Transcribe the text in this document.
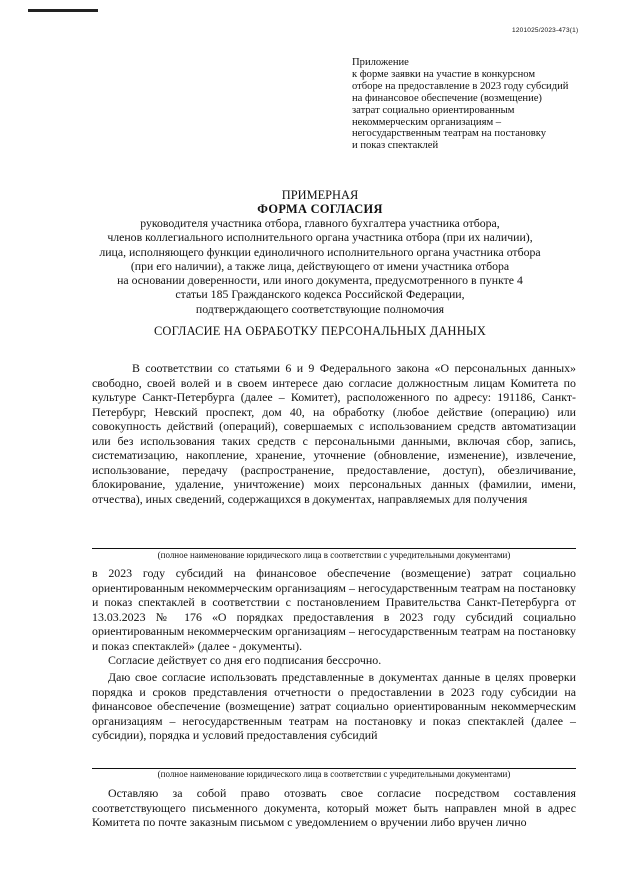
1201025/2023-473(1)
Приложение
к форме заявки на участие в конкурсном
отборе на предоставление в 2023 году субсидий
на финансовое обеспечение (возмещение)
затрат социально ориентированным
некоммерческим организациям –
негосударственным театрам на постановку
и показ спектаклей
ПРИМЕРНАЯ
ФОРМА СОГЛАСИЯ
руководителя участника отбора, главного бухгалтера участника отбора,
членов коллегиального исполнительного органа участника отбора (при их наличии),
лица, исполняющего функции единоличного исполнительного органа участника отбора
(при его наличии), а также лица, действующего от имени участника отбора
на основании доверенности, или иного документа, предусмотренного в пункте 4
статьи 185 Гражданского кодекса Российской Федерации,
подтверждающего соответствующие полномочия
СОГЛАСИЕ НА ОБРАБОТКУ ПЕРСОНАЛЬНЫХ ДАННЫХ
В соответствии со статьями 6 и 9 Федерального закона «О персональных данных» свободно, своей волей и в своем интересе даю согласие должностным лицам Комитета по культуре Санкт-Петербурга (далее – Комитет), расположенного по адресу: 191186, Санкт-Петербург, Невский проспект, дом 40, на обработку (любое действие (операцию) или совокупность действий (операций), совершаемых с использованием средств автоматизации или без использования таких средств с персональными данными, включая сбор, запись, систематизацию, накопление, хранение, уточнение (обновление, изменение), извлечение, использование, передачу (распространение, предоставление, доступ), обезличивание, блокирование, удаление, уничтожение) моих персональных данных (фамилии, имени, отчества), иных сведений, содержащихся в документах, направляемых для получения
(полное наименование юридического лица в соответствии с учредительными документами)
в 2023 году субсидий на финансовое обеспечение (возмещение) затрат социально ориентированным некоммерческим организациям – негосударственным театрам на постановку и показ спектаклей в соответствии с постановлением Правительства Санкт-Петербурга от 13.03.2023 № 176 «О порядках предоставления в 2023 году субсидий социально ориентированным некоммерческим организациям – негосударственным театрам на постановку и показ спектаклей» (далее - документы).
Согласие действует со дня его подписания бессрочно.
Даю свое согласие использовать представленные в документах данные в целях проверки порядка и сроков представления отчетности о предоставлении в 2023 году субсидии на финансовое обеспечение (возмещение) затрат социально ориентированным некоммерческим организациям – негосударственным театрам на постановку и показ спектаклей (далее – субсидии), порядка и условий предоставления субсидий
(полное наименование юридического лица в соответствии с учредительными документами)
Оставляю за собой право отозвать свое согласие посредством составления соответствующего письменного документа, который может быть направлен мной в адрес Комитета по почте заказным письмом с уведомлением о вручении либо вручен лично
